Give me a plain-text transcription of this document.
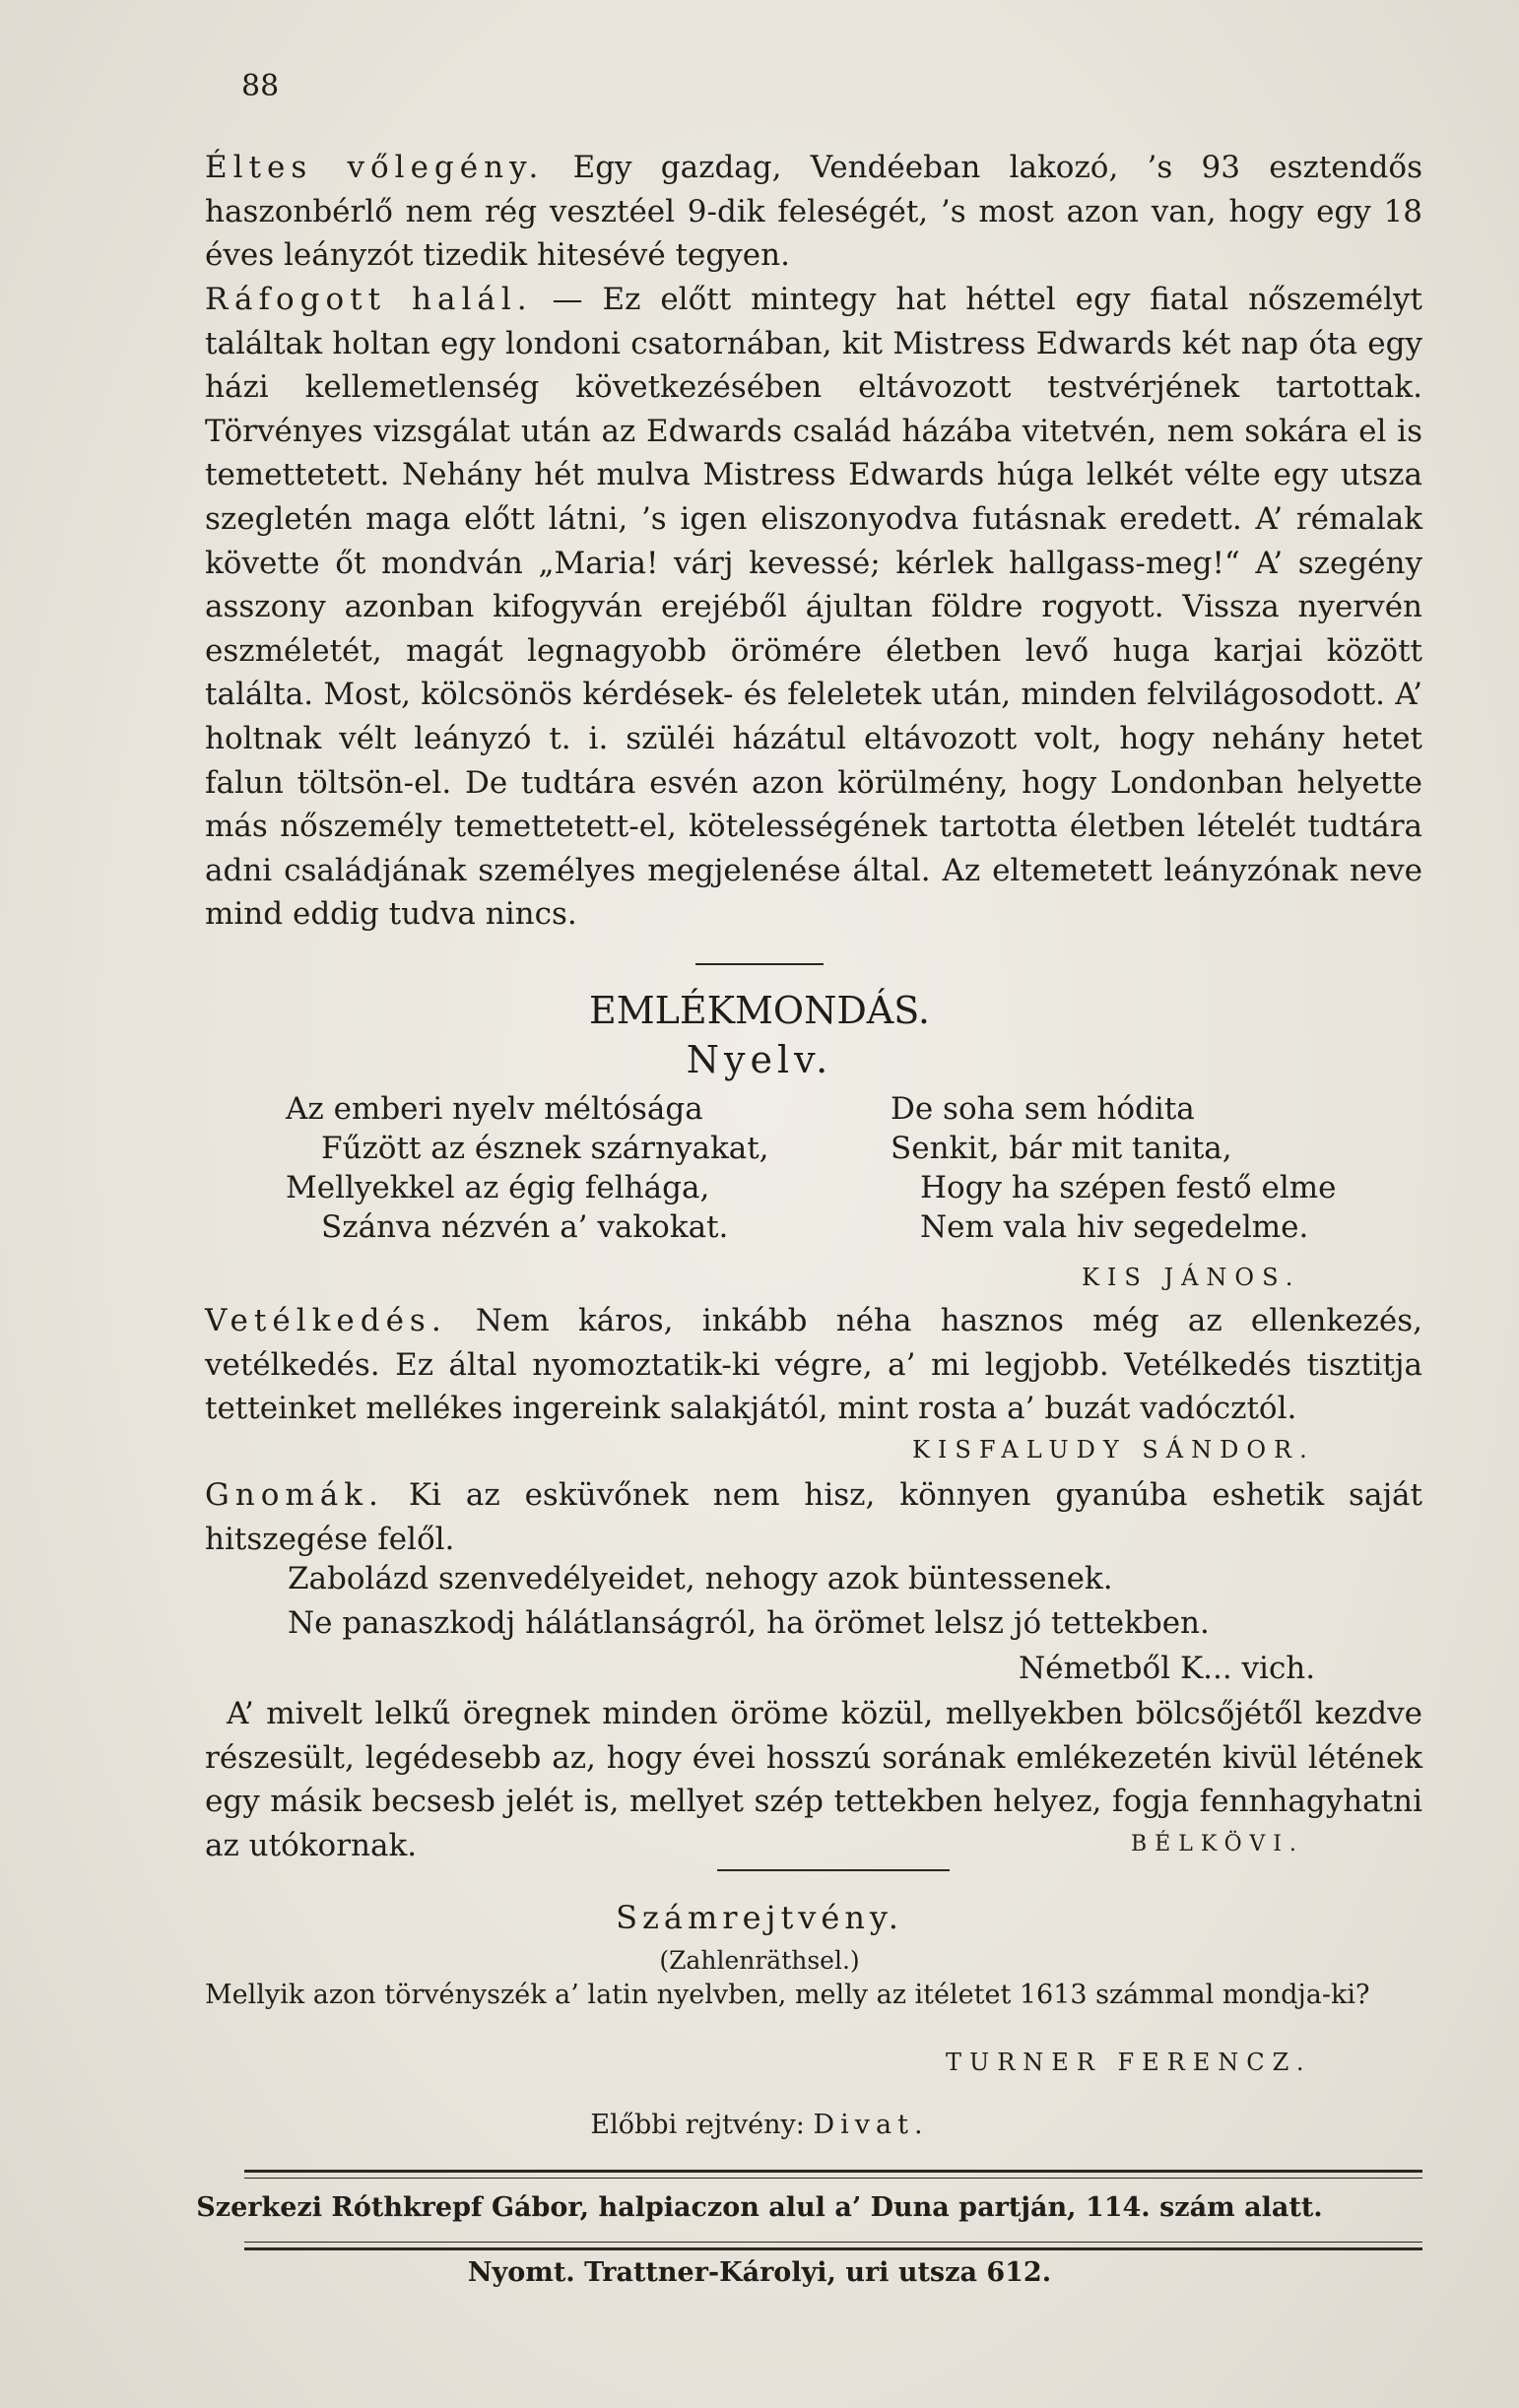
88

Éltes vőlegény. Egy gazdag, Vendéeban lakozó, ’s 93 esztendős haszonbérlő nem rég vesztéel 9-dik feleségét, ’s most azon van, hogy egy 18 éves leányzót tizedik hitesévé tegyen.

Ráfogott halál. — Ez előtt mintegy hat héttel egy fiatal nőszemélyt találtak holtan egy londoni csatornában, kit Mistress Edwards két nap óta egy házi kellemetlenség következésében eltávozott testvérjének tartottak. Törvényes vizsgálat után az Edwards család házába vitetvén, nem sokára el is temettetett. Nehány hét mulva Mistress Edwards húga lelkét vélte egy utsza szegletén maga előtt látni, ’s igen eliszonyodva futásnak eredett. A’ rémalak követte őt mondván „Maria! várj kevessé; kérlek hallgass-meg!“ A’ szegény asszony azonban kifogyván erejéből ájultan földre rogyott. Vissza nyervén eszméletét, magát legnagyobb örömére életben levő huga karjai között találta. Most, kölcsönös kérdések- és feleletek után, minden felvilágosodott. A’ holtnak vélt leányzó t. i. szüléi házátul eltávozott volt, hogy nehány hetet falun töltsön-el. De tudtára esvén azon körülmény, hogy Londonban helyette más nőszemély temettetett-el, kötelességének tartotta életben lételét tudtára adni családjának személyes megjelenése által. Az eltemetett leányzónak neve mind eddig tudva nincs.

EMLÉKMONDÁS.
Nyelv.
Az emberi nyelv méltósága
Fűzött az észnek szárnyakat,
Mellyekkel az égig felhága,
Szánva nézvén a’ vakokat.
De soha sem hódita
Senkit, bár mit tanita,
Hogy ha szépen festő elme
Nem vala hiv segedelme.
KIS JÁNOS.

Vetélkedés. Nem káros, inkább néha hasznos még az ellenkezés, vetélkedés. Ez által nyomoztatik-ki végre, a’ mi legjobb. Vetélkedés tisztitja tetteinket mellékes ingereink salakjától, mint rosta a’ buzát vadócztól.

KISFALUDY SÁNDOR.

Gnomák. Ki az esküvőnek nem hisz, könnyen gyanúba eshetik saját hitszegése felől.

Zabolázd szenvedélyeidet, nehogy azok büntessenek.
Ne panaszkodj hálátlanságról, ha örömet lelsz jó tettekben.
Németből K... vich.

A’ mivelt lelkű öregnek minden öröme közül, mellyekben bölcsőjétől kezdve részesült, legédesebb az, hogy évei hosszú sorának emlékezetén kivül létének egy másik becsesb jelét is, mellyet szép tettekben helyez, fogja fennhagyhatni az utókornak.	BÉLKÖVI.
Számrejtvény.
(Zahlenräthsel.)

Mellyik azon törvényszék a’ latin nyelvben, melly az itéletet 1613 számmal mondja-ki?

TURNER FERENCZ.
Előbbi rejtvény: Divat.
Szerkezi Róthkrepf Gábor, halpiaczon alul a’ Duna partján, 114. szám alatt.
Nyomt. Trattner-Károlyi, uri utsza 612.
